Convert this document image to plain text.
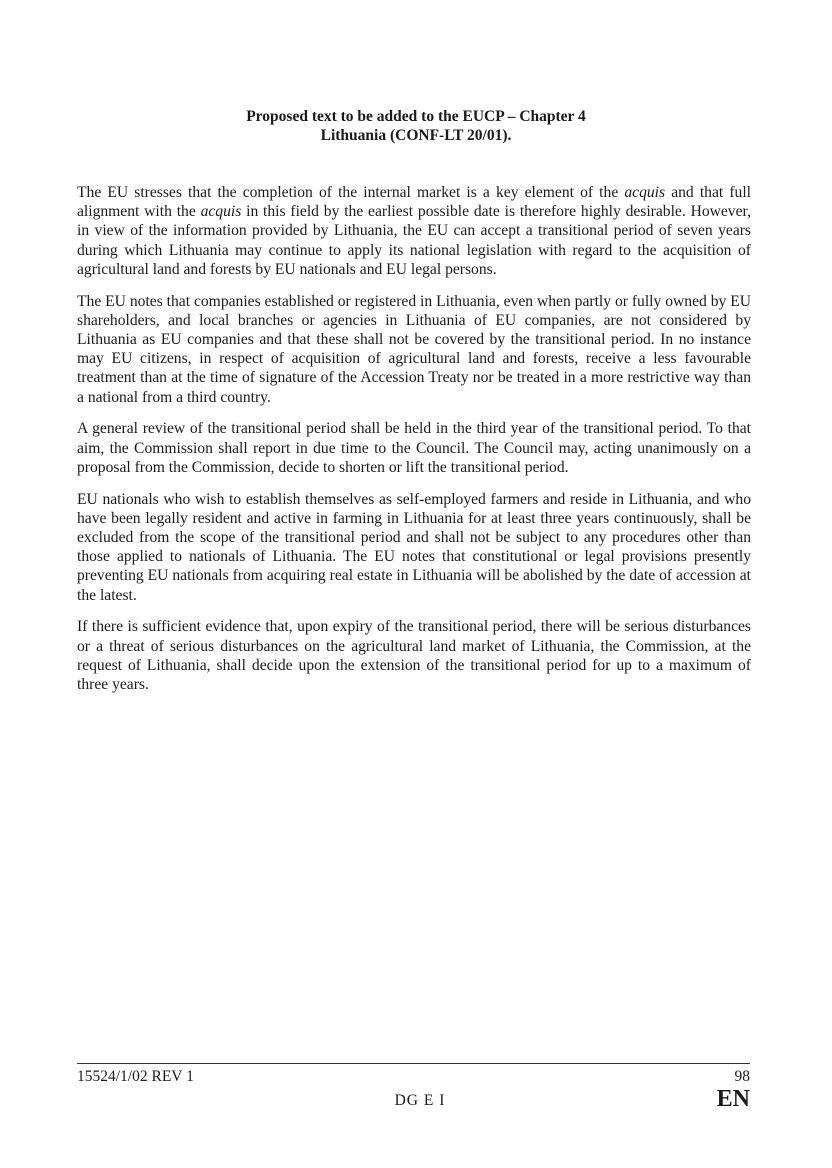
Proposed text to be added to the EUCP – Chapter 4
Lithuania (CONF-LT 20/01).

The EU stresses that the completion of the internal market is a key element of the acquis and that full alignment with the acquis in this field by the earliest possible date is therefore highly desirable. However, in view of the information provided by Lithuania, the EU can accept a transitional period of seven years during which Lithuania may continue to apply its national legislation with regard to the acquisition of agricultural land and forests by EU nationals and EU legal persons.

The EU notes that companies established or registered in Lithuania, even when partly or fully owned by EU shareholders, and local branches or agencies in Lithuania of EU companies, are not considered by Lithuania as EU companies and that these shall not be covered by the transitional period. In no instance may EU citizens, in respect of acquisition of agricultural land and forests, receive a less favourable treatment than at the time of signature of the Accession Treaty nor be treated in a more restrictive way than a national from a third country.

A general review of the transitional period shall be held in the third year of the transitional period. To that aim, the Commission shall report in due time to the Council. The Council may, acting unanimously on a proposal from the Commission, decide to shorten or lift the transitional period.

EU nationals who wish to establish themselves as self-employed farmers and reside in Lithuania, and who have been legally resident and active in farming in Lithuania for at least three years continuously, shall be excluded from the scope of the transitional period and shall not be subject to any procedures other than those applied to nationals of Lithuania. The EU notes that constitutional or legal provisions presently preventing EU nationals from acquiring real estate in Lithuania will be abolished by the date of accession at the latest.

If there is sufficient evidence that, upon expiry of the transitional period, there will be serious disturbances or a threat of serious disturbances on the agricultural land market of Lithuania, the Commission, at the request of Lithuania, shall decide upon the extension of the transitional period for up to a maximum of three years.

15524/1/02 REV 1	98
DG E I	EN
